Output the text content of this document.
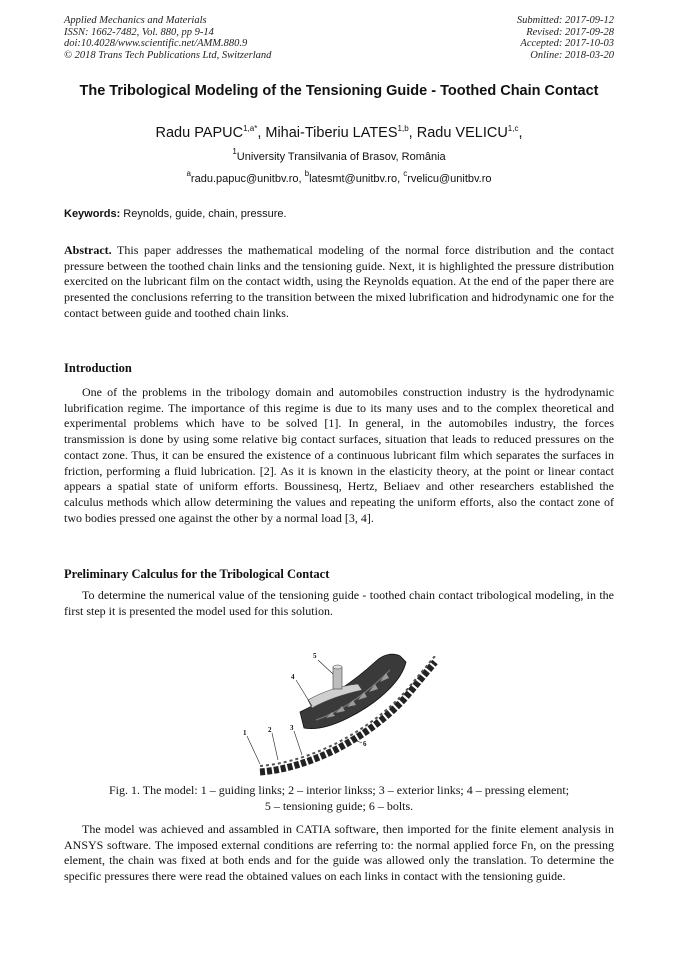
Applied Mechanics and Materials
ISSN: 1662-7482, Vol. 880, pp 9-14
doi:10.4028/www.scientific.net/AMM.880.9
© 2018 Trans Tech Publications Ltd, Switzerland
Submitted: 2017-09-12
Revised: 2017-09-28
Accepted: 2017-10-03
Online: 2018-03-20
The Tribological Modeling of the Tensioning Guide - Toothed Chain Contact
Radu $PAPUC^{1,a*}$, Mihai-Tiberiu LATES$^{1,b}$, Radu VELICU$^{1,c}$,
$^1$University Transilvania of Brasov, România
$^a$radu.papuc@unitbv.ro, $^b$latesmt@unitbv.ro, $^c$rvelicu@unitbv.ro
Keywords: Reynolds, guide, chain, pressure.
Abstract. This paper addresses the mathematical modeling of the normal force distribution and the contact pressure between the toothed chain links and the tensioning guide. Next, it is highlighted the pressure distribution exercited on the lubricant film on the contact width, using the Reynolds equation. At the end of the paper there are presented the conclusions referring to the transition between the mixed lubrification and hidrodynamic one for the contact between guide and toothed chain links.
Introduction
One of the problems in the tribology domain and automobiles construction industry is the hydrodynamic lubrification regime. The importance of this regime is due to its many uses and to the complex theoretical and experimental problems which have to be solved [1]. In general, in the automobiles industry, the forces transmission is done by using some relative big contact surfaces, situation that leads to reduced pressures on the contact zone. Thus, it can be ensured the existence of a continuous lubricant film which separates the surfaces in friction, performing a fluid lubrication. [2]. As it is known in the elasticity theory, at the point or linear contact appears a spatial state of uniform efforts. Boussinesq, Hertz, Beliaev and other researchers established the calculus methods which allow determining the values and repeating the uniform efforts, also the contact zone of two bodies pressed one against the other by a normal load [3, 4].
Preliminary Calculus for the Tribological Contact
To determine the numerical value of the tensioning guide - toothed chain contact tribological modeling, in the first step it is presented the model used for this solution.
1	2	3
4
5
6
Fig. 1. The model: 1 – guiding links; 2 – interior linkss; 3 – exterior links; 4 – pressing element;
5 – tensioning guide; 6 – bolts.
The model was achieved and assambled in CATIA software, then imported for the finite element analysis in ANSYS software. The imposed external conditions are referring to: the normal applied force Fn, on the pressing element, the chain was fixed at both ends and for the guide was allowed only the translation. To determine the specific pressures there were read the obtained values on each links in contact with the tensioning guide.
